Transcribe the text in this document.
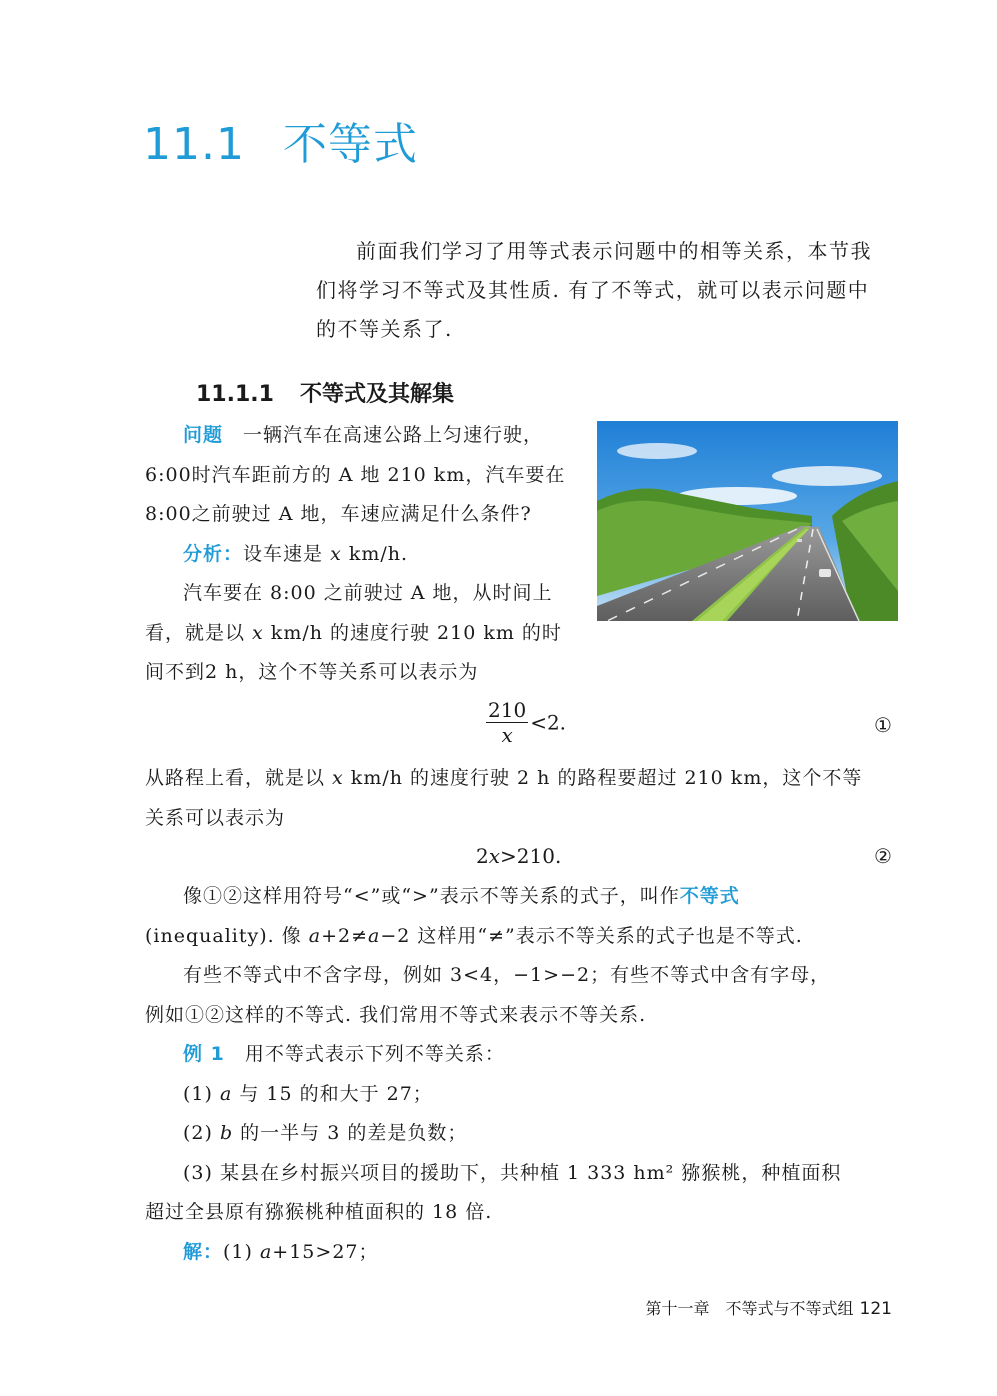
11.1 不等式

前面我们学习了用等式表示问题中的相等关系，本节我

们将学习不等式及其性质. 有了不等式，就可以表示问题中
的不等关系了.
11.1.1 不等式及其解集

问题　 一辆汽车在高速公路上匀速行驶，

6:00时汽车距前方的 A 地 210 km，汽车要在

8:00之前驶过 A 地，车速应满足什么条件?

分析：设车速是 x km/h.

汽车要在 8:00 之前驶过 A 地，从时间上

看，就是以 x km/h 的速度行驶 210 km 的时

间不到2 h，这个不等关系可以表示为

$\frac{210}{x} <2$.	①

从路程上看，就是以 x km/h 的速度行驶 2 h 的路程要超过 210 km，这个不等

关系可以表示为

2x>210.	②

像①②这样用符号“<”或“>”表示不等关系的式子，叫作不等式

(inequality). 像 a+2≠a−2 这样用“≠”表示不等关系的式子也是不等式.

有些不等式中不含字母，例如 3<4，−1>−2；有些不等式中含有字母，

例如①②这样的不等式. 我们常用不等式来表示不等关系.

例 1　 用不等式表示下列不等关系：

(1) a 与 15 的和大于 27；

(2) b 的一半与 3 的差是负数；

(3) 某县在乡村振兴项目的援助下，共种植 1 333 hm² 猕猴桃，种植面积

超过全县原有猕猴桃种植面积的 18 倍.

解：(1) a+15>27；

第十一章　不等式与不等式组 121
